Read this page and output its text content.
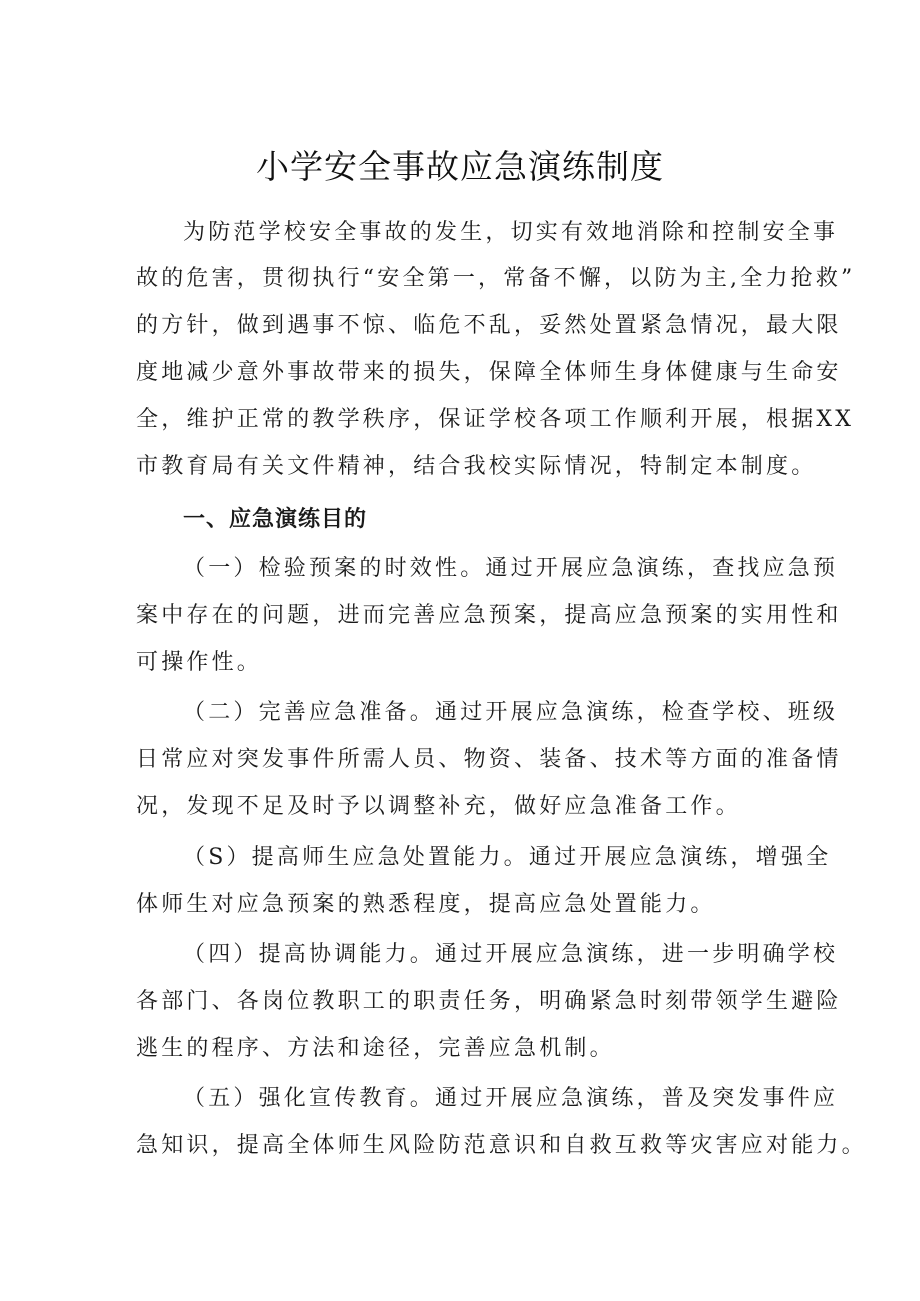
小学安全事故应急演练制度
为防范学校安全事故的发生，切实有效地消除和控制安全事
故的危害，贯彻执行“安全第一，常备不懈，以防为主,全力抢救”
的方针，做到遇事不惊、临危不乱，妥然处置紧急情况，最大限
度地减少意外事故带来的损失，保障全体师生身体健康与生命安
全，维护正常的教学秩序，保证学校各项工作顺利开展，根据XX
市教育局有关文件精神，结合我校实际情况，特制定本制度。
一、应急演练目的
（一）检验预案的时效性。通过开展应急演练，查找应急预
案中存在的问题，进而完善应急预案，提高应急预案的实用性和
可操作性。
（二）完善应急准备。通过开展应急演练，检查学校、班级
日常应对突发事件所需人员、物资、装备、技术等方面的准备情
况，发现不足及时予以调整补充，做好应急准备工作。
（S）提高师生应急处置能力。通过开展应急演练，增强全
体师生对应急预案的熟悉程度，提高应急处置能力。
（四）提高协调能力。通过开展应急演练，进一步明确学校
各部门、各岗位教职工的职责任务，明确紧急时刻带领学生避险
逃生的程序、方法和途径，完善应急机制。
（五）强化宣传教育。通过开展应急演练，普及突发事件应
急知识，提高全体师生风险防范意识和自救互救等灾害应对能力。
